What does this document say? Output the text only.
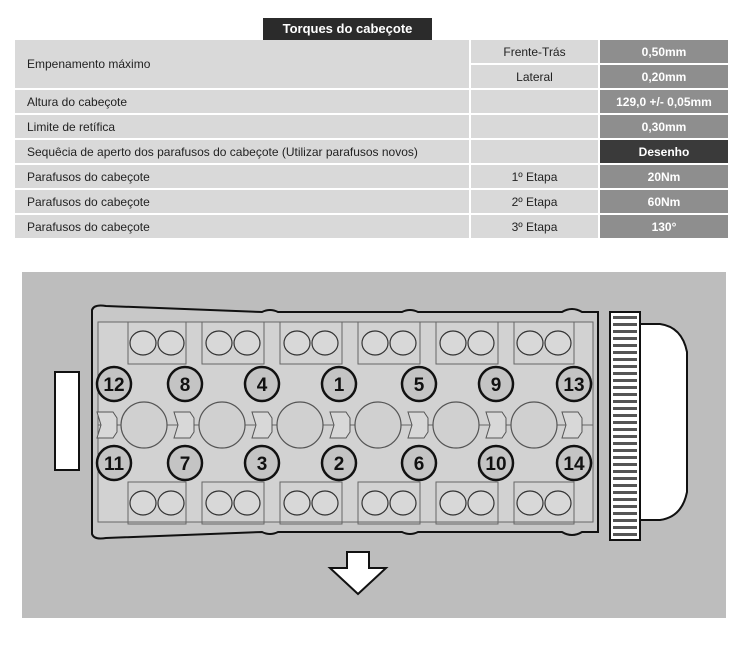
Torques do cabeçote
Empenamento máximo	Frente-Trás	0,50mm
	Lateral	0,20mm
Altura do cabeçote		129,0 +/- 0,05mm
Limite de retífica		0,30mm
Sequêcia de aperto dos parafusos do cabeçote (Utilizar parafusos novos)		Desenho
Parafusos do cabeçote	1º Etapa	20Nm
Parafusos do cabeçote	2º Etapa	60Nm
Parafusos do cabeçote	3º Etapa	130°
12	8	4	1	5	9	13
11	7	3	2	6	10	14
